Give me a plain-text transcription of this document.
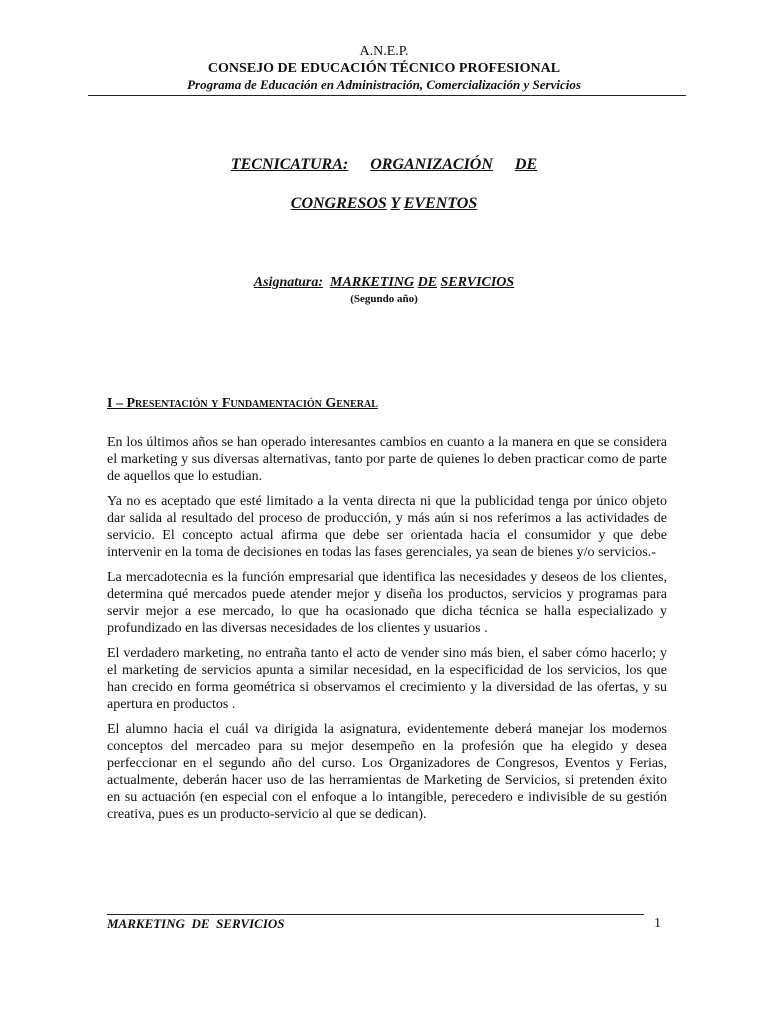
A.N.E.P.
CONSEJO DE EDUCACIÓN TÉCNICO PROFESIONAL
Programa de Educación en Administración, Comercialización y Servicios
TECNICATURA: ORGANIZACIÓN DE
CONGRESOS Y EVENTOS
Asignatura: MARKETING DE SERVICIOS
(Segundo año)
I – Presentación y Fundamentación General

En los últimos años se han operado interesantes cambios en cuanto a la manera en que se considera el marketing y sus diversas alternativas, tanto por parte de quienes lo deben practicar como de parte de aquellos que lo estudian.

Ya no es aceptado que esté limitado a la venta directa ni que la publicidad tenga por único objeto dar salida al resultado del proceso de producción, y más aún si nos referimos a las actividades de servicio. El concepto actual afirma que debe ser orientada hacia el consumidor y que debe intervenir en la toma de decisiones en todas las fases gerenciales, ya sean de bienes y/o servicios.-

La mercadotecnia es la función empresarial que identifica las necesidades y deseos de los clientes, determina qué mercados puede atender mejor y diseña los productos, servicios y programas para servir mejor a ese mercado, lo que ha ocasionado que dicha técnica se halla especializado y profundizado en las diversas necesidades de los clientes y usuarios .

El verdadero marketing, no entraña tanto el acto de vender sino más bien, el saber cómo hacerlo; y el marketing de servicios apunta a similar necesidad, en la especificidad de los servicios, los que han crecido en forma geométrica si observamos el crecimiento y la diversidad de las ofertas, y su apertura en productos .

El alumno hacia el cuál va dirigida la asignatura, evidentemente deberá manejar los modernos conceptos del mercadeo para su mejor desempeño en la profesión que ha elegido y desea perfeccionar en el segundo año del curso. Los Organizadores de Congresos, Eventos y Ferias, actualmente, deberán hacer uso de las herramientas de Marketing de Servicios, si pretenden éxito en su actuación (en especial con el enfoque a lo intangible, perecedero e indivisible de su gestión creativa, pues es un producto-servicio al que se dedican).

MARKETING  DE  SERVICIOS	1
